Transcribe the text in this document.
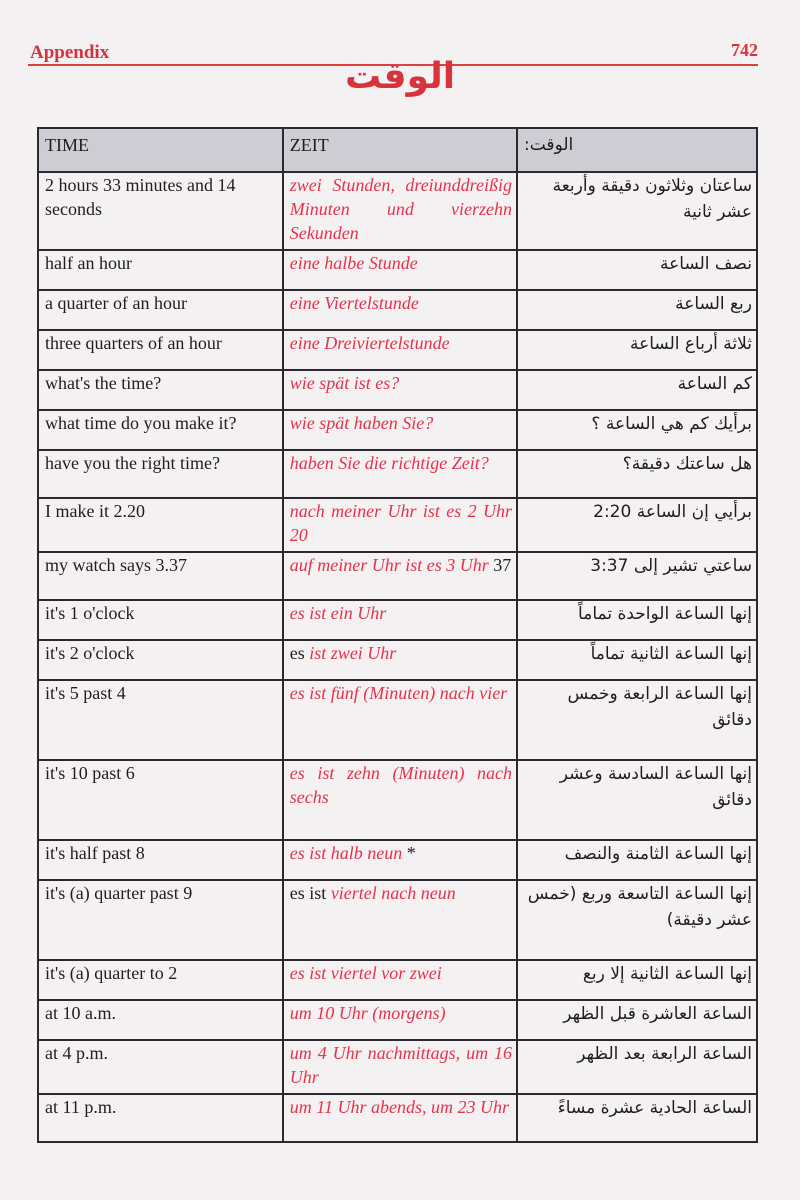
Appendix	742
الوقت
TIME	ZEIT	الوقت:
2 hours 33 minutes and 14 seconds	zwei Stunden, dreiunddreißig Minuten und vierzehn Sekunden	ساعتان وثلاثون دقيقة وأربعة عشر ثانية
half an hour	eine halbe Stunde	نصف الساعة
a quarter of an hour	eine Viertelstunde	ربع الساعة
three quarters of an hour	eine Dreiviertelstunde	ثلاثة أرباع الساعة
what's the time?	wie spät ist es?	كم الساعة
what time do you make it?	wie spät haben Sie?	برأيك كم هي الساعة ؟
have you the right time?	haben Sie die richtige Zeit?	هل ساعتك دقيقة؟
I make it 2.20	nach meiner Uhr ist es 2 Uhr 20	برأيي إن الساعة 2:20
my watch says 3.37	auf meiner Uhr ist es 3 Uhr 37	ساعتي تشير إلى 3:37
it's 1 o'clock	es ist ein Uhr	إنها الساعة الواحدة تماماً
it's 2 o'clock	es ist zwei Uhr	إنها الساعة الثانية تماماً
it's 5 past 4	es ist fünf (Minuten) nach vier	إنها الساعة الرابعة وخمس دقائق
it's 10 past 6	es ist zehn (Minuten) nach sechs	إنها الساعة السادسة وعشر دقائق
it's half past 8	es ist halb neun *	إنها الساعة الثامنة والنصف
it's (a) quarter past 9	es ist viertel nach neun	إنها الساعة التاسعة وربع (خمس عشر دقيقة)
it's (a) quarter to 2	es ist viertel vor zwei	إنها الساعة الثانية إلا ربع
at 10 a.m.	um 10 Uhr (morgens)	الساعة العاشرة قبل الظهر
at 4 p.m.	um 4 Uhr nachmittags, um 16 Uhr	الساعة الرابعة بعد الظهر
at 11 p.m.	um 11 Uhr abends, um 23 Uhr	الساعة الحادية عشرة مساءً
